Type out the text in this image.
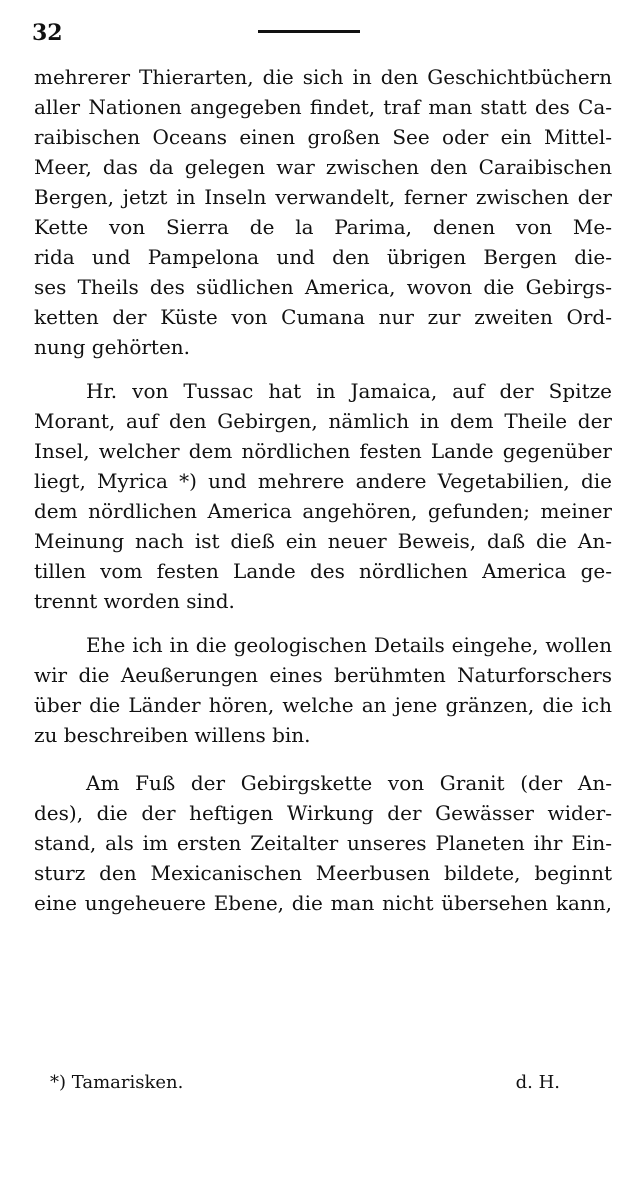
32
mehrerer Thierarten, die sich in den Geschichtbüchern
aller Nationen angegeben findet, traf man statt des Ca-
raibischen Oceans einen großen See oder ein Mittel-
Meer, das da gelegen war zwischen den Caraibischen
Bergen, jetzt in Inseln verwandelt, ferner zwischen der
Kette von Sierra de la Parima, denen von Me-
rida und Pampelona und den übrigen Bergen die-
ses Theils des südlichen America, wovon die Gebirgs-
ketten der Küste von Cumana nur zur zweiten Ord-
nung gehörten.
Hr. von Tussac hat in Jamaica, auf der Spitze
Morant, auf den Gebirgen, nämlich in dem Theile der
Insel, welcher dem nördlichen festen Lande gegenüber
liegt, Myrica *) und mehrere andere Vegetabilien, die
dem nördlichen America angehören, gefunden; meiner
Meinung nach ist dieß ein neuer Beweis, daß die An-
tillen vom festen Lande des nördlichen America ge-
trennt worden sind.
Ehe ich in die geologischen Details eingehe, wollen
wir die Aeußerungen eines berühmten Naturforschers
über die Länder hören, welche an jene gränzen, die ich
zu beschreiben willens bin.
Am Fuß der Gebirgskette von Granit (der An-
des), die der heftigen Wirkung der Gewässer wider-
stand, als im ersten Zeitalter unseres Planeten ihr Ein-
sturz den Mexicanischen Meerbusen bildete, beginnt
eine ungeheuere Ebene, die man nicht übersehen kann,
*) Tamarisken.	d. H.
